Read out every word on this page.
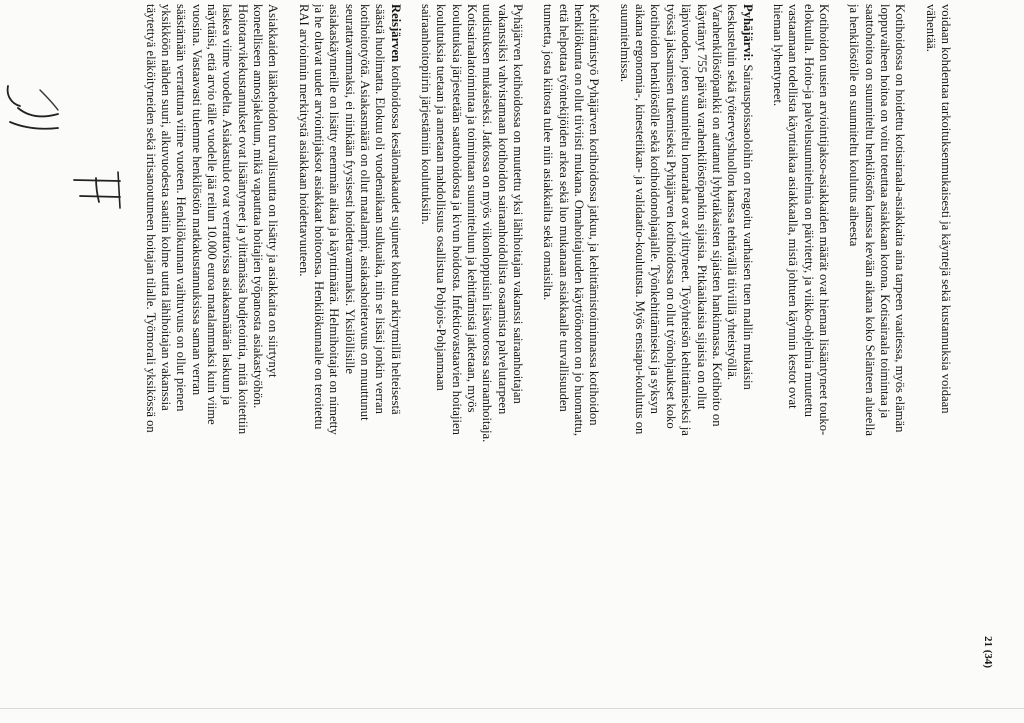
voidaan kohdentaa tarkoituksenmukaisesti ja käyntejä sekä kustannuksia voidaan
vähentää.
Kotihoidossa on hoidettu kotisairaala-asiakkaita aina tarpeen vaatiessa, myös elämän
loppuvaiheen hoitoa on voitu toteuttaa asiakkaan kotona. Kotisairaala toimintaa ja
saattohoitoa on suunniteltu henkilöstön kanssa kevään aikana koko Selänteen alueella
ja henkilöstölle on suunniteltu koulutus aiheesta
Kotihoidon uusien arviointijakso-asiakkaiden määrät ovat hieman lisääntyneet touko-
elokuulla. Hoito-ja palvelusuunnitelmia on päivitetty, ja viikko-ohjelmia muutettu
vastaamaan todellista käyntiaikaa asiakkaalla, mistä johtuen käynnin kestot ovat
hieman lyhentyneet.
Pyhäjärvi: Sairauspoissaoloihin on reagoitu varhaisen tuen mallin mukaisin
keskusteluin sekä työterveyshuollon kanssa tehtävällä tiiviillä yhteistyöllä.
Varahenkilöstöpankki on auttanut lyhytaikaisten sijaisten hankinnassa. Kotihoito on
käyttänyt 755 päivää varahenkilöstöpankin sijaisia. Pitkäaikaisia sijaisia on ollut
läpivuoden, joten suunniteltu lomarahat ovat ylittyneet. Työyhteisön kehittämiseksi ja
työssä jaksamisen tukemiseksi Pyhäjärven kotihoidossa on ollut työnohjaukset koko
kotihoidon henkilöstölle sekä kotihoidonohjaajalle. Työnkehittämiseksi ja syksyn
aikana ergonomia-, kinestetiikan- ja validaatio-koulutusta. Myös ensiapu-koulutus on
suunnitelmissa.
Kehittämistyö Pyhäjärven kotihoidossa jatkuu, ja kehittämistoiminnassa kotihoidon
henkilökunta on ollut tiiviisti mukana. Omahoitajuuden käyttöönoton on jo huomattu,
että helpottaa työntekijöiden arkea sekä luo mukanaan asiakkaalle turvallisuuden
tunnetta, josta kiitosta tulee niin asiakkailta sekä omaisilta.
Pyhäjärven kotihoidossa on muutettu yksi lähihoitajan vakanssi sairaanhoitajan
vakanssiksi vahvistamaan kotihoidon sairaanhoidollista osaamista palvelutarpeen
uudistuksen mukaiseksi. Jatkossa on myös viikonloppuisin lisävuorossa sairaanhoitaja.
Kotisairaalatoimintaa ja toimintaan suunnitteluun ja kehittämistä jatketaan, myös
koulutuksia järjestetään saattohoidosta ja kivun hoidosta. Infektiovastaavien hoitajien
koulutuksia tuetaan ja annetaan mahdollisuus osallistua Pohjois-Pohjanmaan
sairaanhoitopiirin järjestämiin koulutuksiin.
Reisjärven kotihoidossa kesälomakaudet sujuneet kohtuu arkirytmillä helteisestä
säästä huolimatta. Elokuu oli vuodenaikaan sulkuaika, niin se lisäsi jonkin verran
kotihoitotyötä. Asiakasmäärä on ollut matalampi, asiakashoitetavuus on muuttunut
seurattavammaksi, ei niinkään fyysisesti hoidettavammaksi. Yksilöllisille
asiakaskäynneille on lisätty enemmän aikaa ja käyntimäärä. Helmihoitajat on nimetty
ja he oltavat uudet arviointijaksot asiakkaat hoitoonsa. Henkilökunnalle on teroitettu
RAI arvioinnin merkitystä asiakkaan hoidettavuuteen.
Asiakkaiden lääkehoidon turvallisuutta on lisätty ja asiakkaita on siirtynyt
koneelliseen annosjakeluun, mikä vapauttaa hoitajien työpanosta asiakastyöhön.
Hoitotarvikekustannukset ovat lisääntyneet ja ylittämässä budjetointia, mitä koitettiin
laskea viime vuodelta. Asiakastulot ovat verrattavissa asiakasmäärän laskuun ja
näyttäisi, että arvio tälle vuodelle jää reilun 10.000 euroa matalammaksi kuin viime
vuosina. Vastaavasti tulemme henkilöstön matkakustannuksissa saman verran
säästämään verrattuna viime vuoteen. Henkilökunnan vaihtuvuus on ollut pienen
yksikköön nähden suuri, alkuvuodesta saatiin kolme uutta lähihoitajan vakanssia
täytettyä eläköityneiden sekä irtisanoutuneen hoitajan tilalle. Työmorali yksikössä on
21 (34)
